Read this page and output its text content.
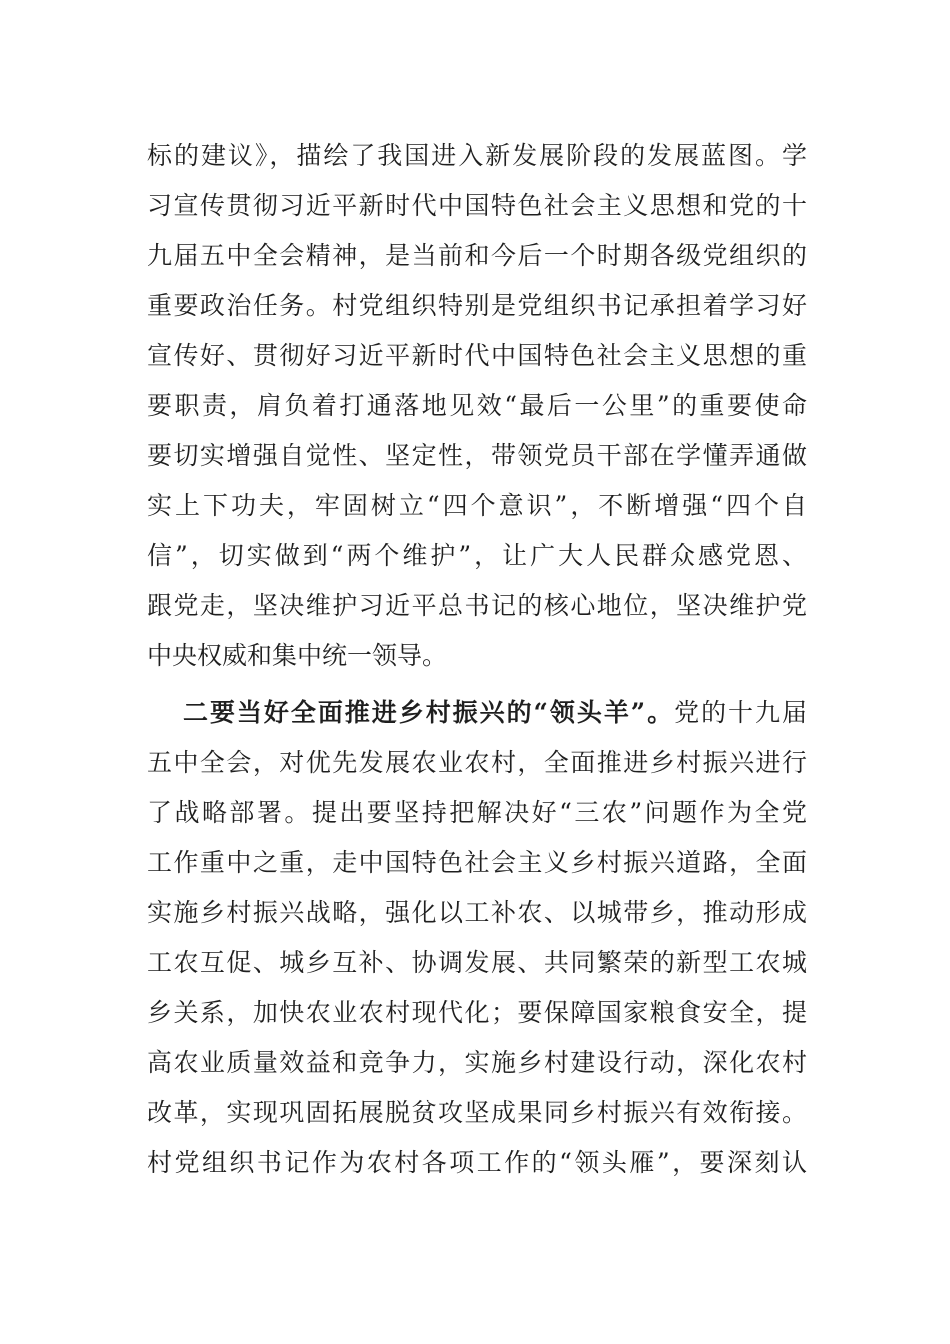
标的建议》，描绘了我国进入新发展阶段的发展蓝图。学
习宣传贯彻习近平新时代中国特色社会主义思想和党的十
九届五中全会精神，是当前和今后一个时期各级党组织的
重要政治任务。村党组织特别是党组织书记承担着学习好
宣传好、贯彻好习近平新时代中国特色社会主义思想的重
要职责，肩负着打通落地见效“最后一公里”的重要使命
要切实增强自觉性、坚定性，带领党员干部在学懂弄通做
实上下功夫，牢固树立“四个意识”，不断增强“四个自
信”，切实做到“两个维护”，让广大人民群众感党恩、
跟党走，坚决维护习近平总书记的核心地位，坚决维护党
中央权威和集中统一领导。
二要当好全面推进乡村振兴的“领头羊”。党的十九届
五中全会，对优先发展农业农村，全面推进乡村振兴进行
了战略部署。提出要坚持把解决好“三农”问题作为全党
工作重中之重，走中国特色社会主义乡村振兴道路，全面
实施乡村振兴战略，强化以工补农、以城带乡，推动形成
工农互促、城乡互补、协调发展、共同繁荣的新型工农城
乡关系，加快农业农村现代化；要保障国家粮食安全，提
高农业质量效益和竞争力，实施乡村建设行动，深化农村
改革，实现巩固拓展脱贫攻坚成果同乡村振兴有效衔接。
村党组织书记作为农村各项工作的“领头雁”，要深刻认
